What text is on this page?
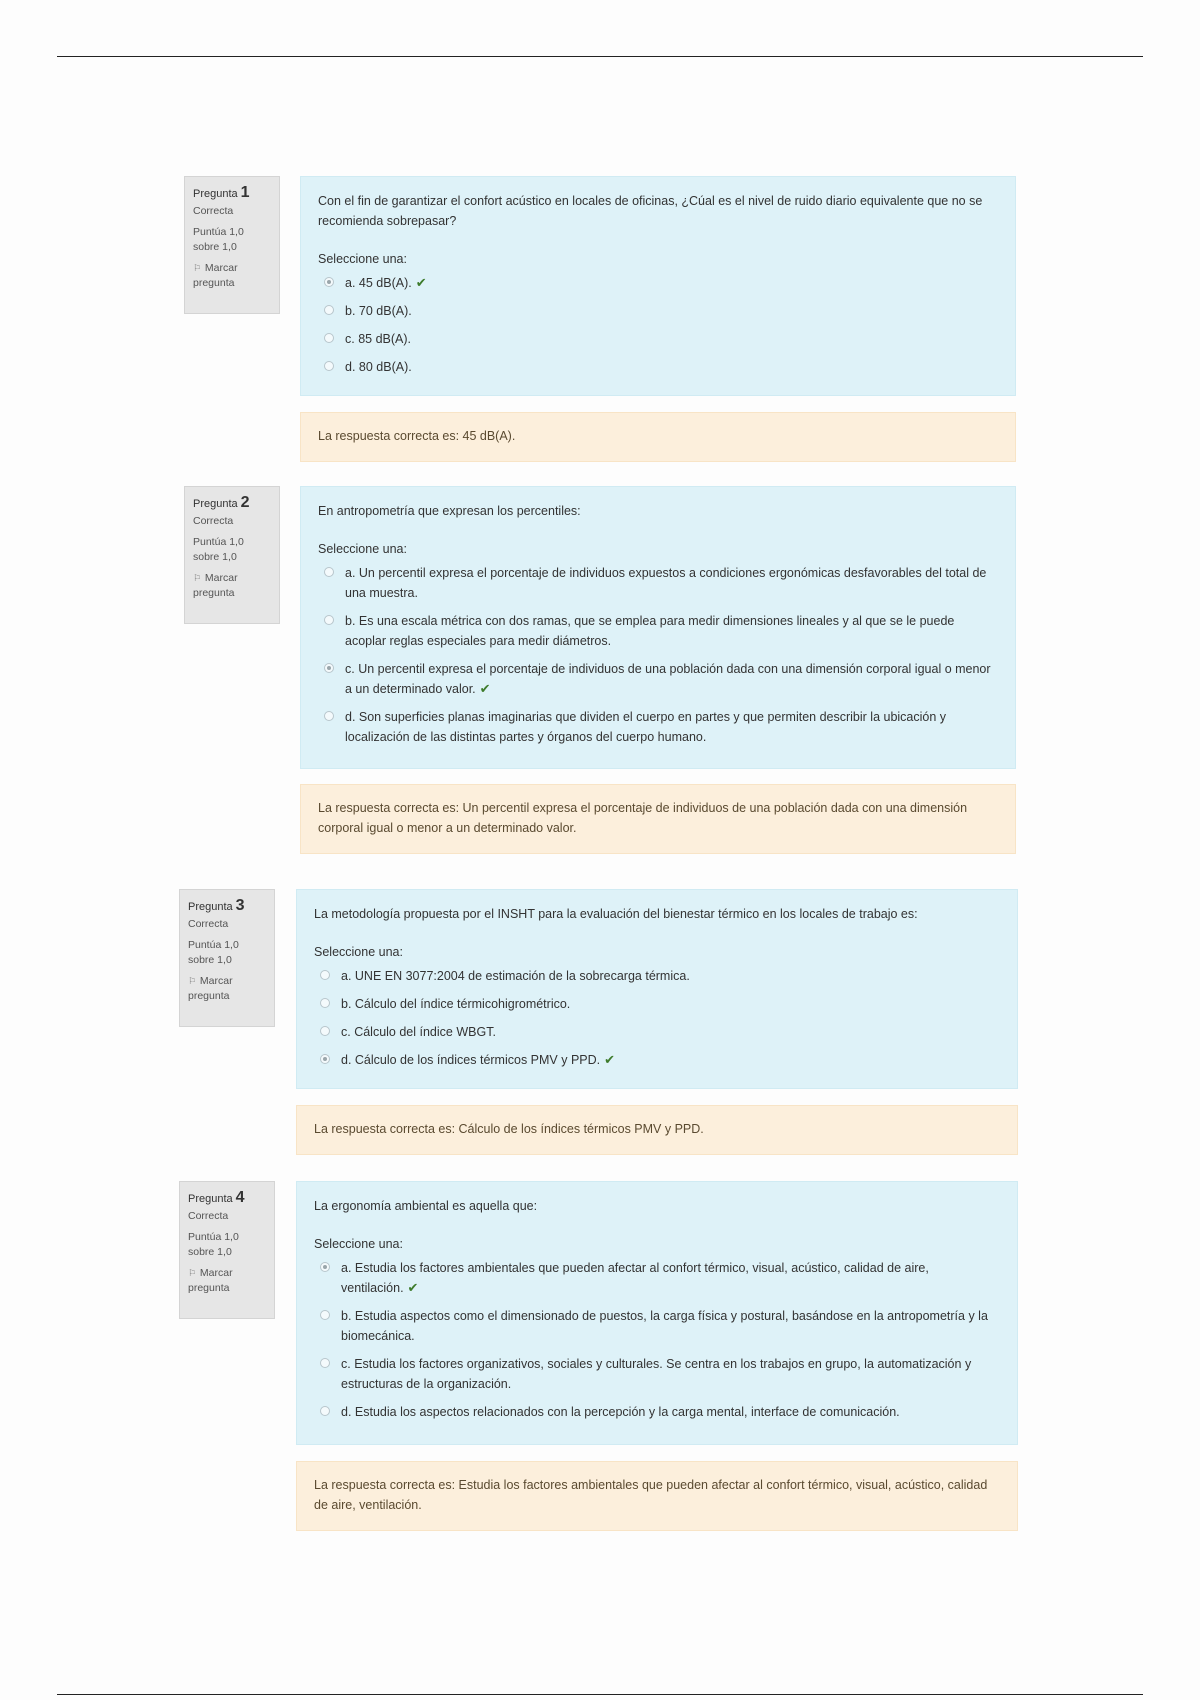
Pregunta 1
Correcta
Puntúa 1,0 sobre 1,0
⚐ Marcar pregunta
Con el fin de garantizar el confort acústico en locales de oficinas, ¿Cúal es el nivel de ruido diario equivalente que no se recomienda sobrepasar?
Seleccione una:
a. 45 dB(A). ✔
b. 70 dB(A).
c. 85 dB(A).
d. 80 dB(A).
La respuesta correcta es: 45 dB(A).
Pregunta 2
Correcta
Puntúa 1,0 sobre 1,0
⚐ Marcar pregunta
En antropometría que expresan los percentiles:
Seleccione una:
a. Un percentil expresa el porcentaje de individuos expuestos a condiciones ergonómicas desfavorables del total de una muestra.
b. Es una escala métrica con dos ramas, que se emplea para medir dimensiones lineales y al que se le puede acoplar reglas especiales para medir diámetros.
c. Un percentil expresa el porcentaje de individuos de una población dada con una dimensión corporal igual o menor a un determinado valor. ✔
d. Son superficies planas imaginarias que dividen el cuerpo en partes y que permiten describir la ubicación y localización de las distintas partes y órganos del cuerpo humano.
La respuesta correcta es: Un percentil expresa el porcentaje de individuos de una población dada con una dimensión corporal igual o menor a un determinado valor.
Pregunta 3
Correcta
Puntúa 1,0 sobre 1,0
⚐ Marcar pregunta
La metodología propuesta por el INSHT para la evaluación del bienestar térmico en los locales de trabajo es:
Seleccione una:
a. UNE EN 3077:2004 de estimación de la sobrecarga térmica.
b. Cálculo del índice térmicohigrométrico.
c. Cálculo del índice WBGT.
d. Cálculo de los índices térmicos PMV y PPD. ✔
La respuesta correcta es: Cálculo de los índices térmicos PMV y PPD.
Pregunta 4
Correcta
Puntúa 1,0 sobre 1,0
⚐ Marcar pregunta
La ergonomía ambiental es aquella que:
Seleccione una:
a. Estudia los factores ambientales que pueden afectar al confort térmico, visual, acústico, calidad de aire, ventilación. ✔
b. Estudia aspectos como el dimensionado de puestos, la carga física y postural, basándose en la antropometría y la biomecánica.
c. Estudia los factores organizativos, sociales y culturales. Se centra en los trabajos en grupo, la automatización y estructuras de la organización.
d. Estudia los aspectos relacionados con la percepción y la carga mental, interface de comunicación.
La respuesta correcta es: Estudia los factores ambientales que pueden afectar al confort térmico, visual, acústico, calidad de aire, ventilación.
